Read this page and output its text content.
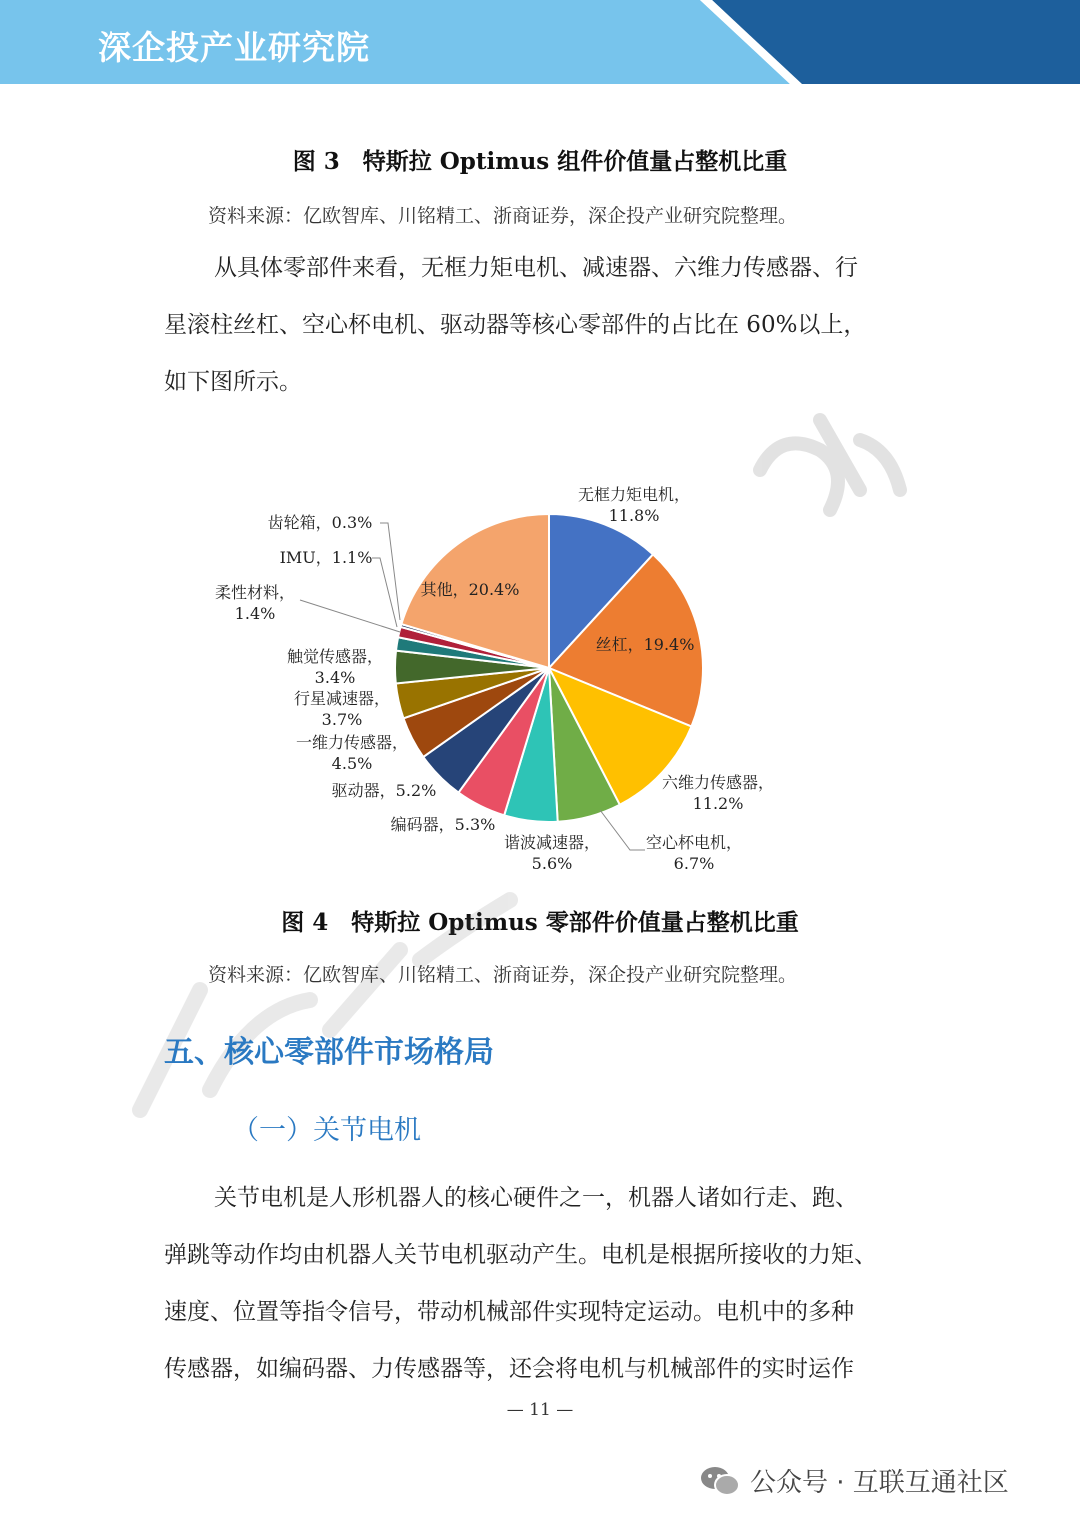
深企投产业研究院
图 3　特斯拉 Optimus 组件价值量占整机比重
资料来源：亿欧智库、川铭精工、浙商证券，深企投产业研究院整理。
从具体零部件来看，无框力矩电机、减速器、六维力传感器、行
星滚柱丝杠、空心杯电机、驱动器等核心零部件的占比在 60%以上，
如下图所示。
无框力矩电机， 11.8%
丝杠，19.4%
六维力传感器， 11.2%
空心杯电机， 6.7%
谐波减速器， 5.6%
编码器，5.3%
驱动器，5.2%
一维力传感器， 4.5%
行星减速器， 3.7%
触觉传感器， 3.4%
柔性材料， 1.4%
IMU，1.1%
齿轮箱，0.3%
其他，20.4%
图 4　特斯拉 Optimus 零部件价值量占整机比重
资料来源：亿欧智库、川铭精工、浙商证券，深企投产业研究院整理。
五、核心零部件市场格局
（一）关节电机
关节电机是人形机器人的核心硬件之一，机器人诸如行走、跑、
弹跳等动作均由机器人关节电机驱动产生。电机是根据所接收的力矩、
速度、位置等指令信号，带动机械部件实现特定运动。电机中的多种
传感器，如编码器、力传感器等，还会将电机与机械部件的实时运作
— 11 —
公众号 · 互联互通社区
